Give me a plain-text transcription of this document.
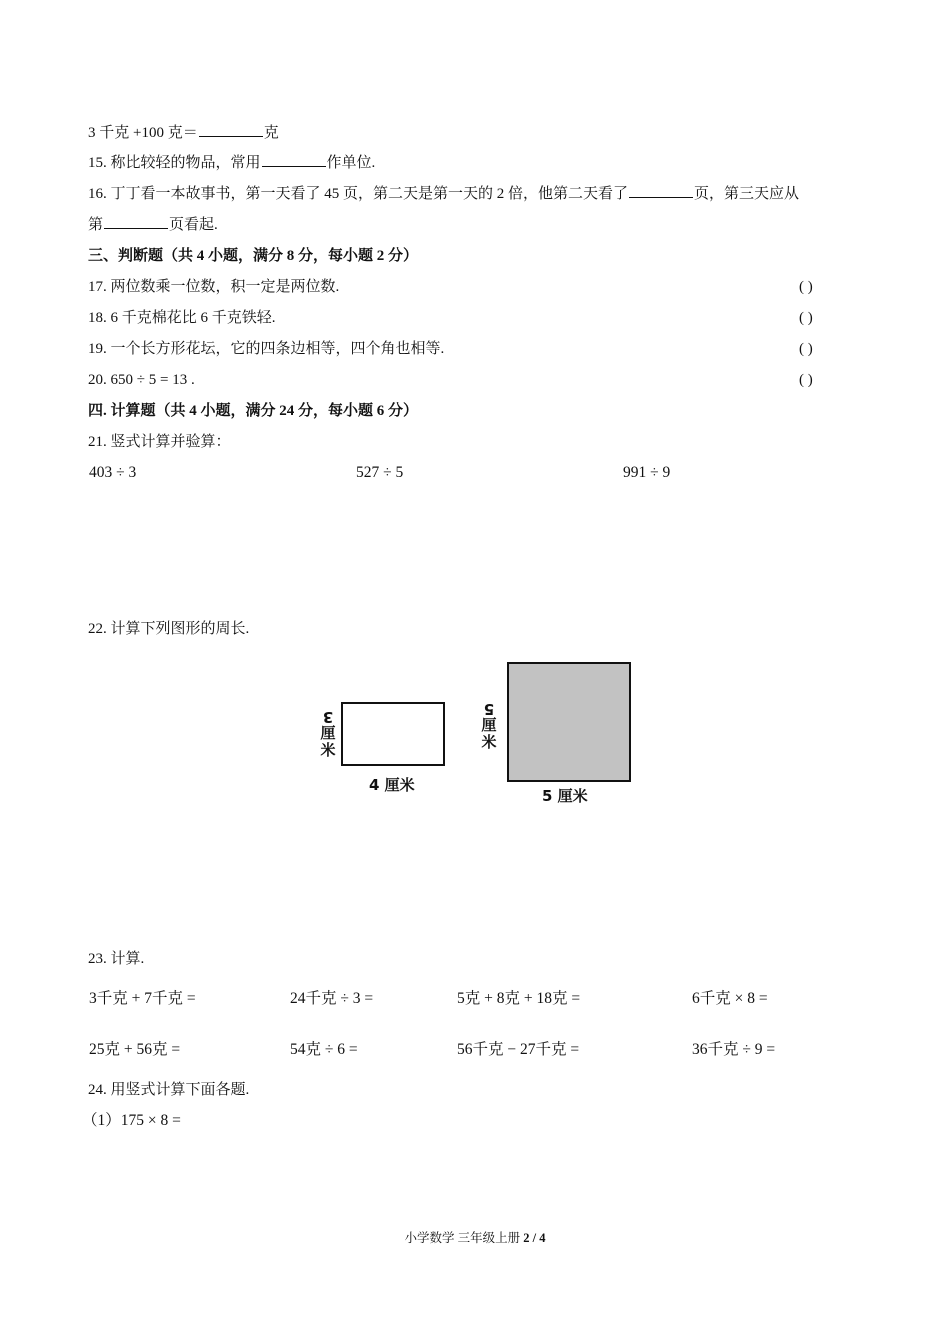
3 千克 +100 克＝	克
15. 称比较轻的物品，常用	作单位.
16. 丁丁看一本故事书，第一天看了 45 页，第二天是第一天的 2 倍，他第二天看了	页，第三天应从
第	页看起.
三、判断题（共 4 小题，满分 8 分，每小题 2 分）
17. 两位数乘一位数，积一定是两位数.	( )
18. 6 千克棉花比 6 千克铁轻.	( )
19. 一个长方形花坛，它的四条边相等，四个角也相等.	( )
20. 650 ÷ 5 = 13 .	( )
四. 计算题（共 4 小题，满分 24 分，每小题 6 分）
21. 竖式计算并验算：
403 ÷ 3	527 ÷ 5	991 ÷ 9
22. 计算下列图形的周长.
3
厘
米
4 厘米
5
厘
米
5 厘米
23. 计算.
3千克 + 7千克 =	24千克 ÷ 3 =	5克 + 8克 + 18克 =	6千克 × 8 =
25克 + 56克 =	54克 ÷ 6 =	56千克 − 27千克 =	36千克 ÷ 9 =
24. 用竖式计算下面各题.
（1）175 × 8 =
小学数学 三年级上册 2 / 4
